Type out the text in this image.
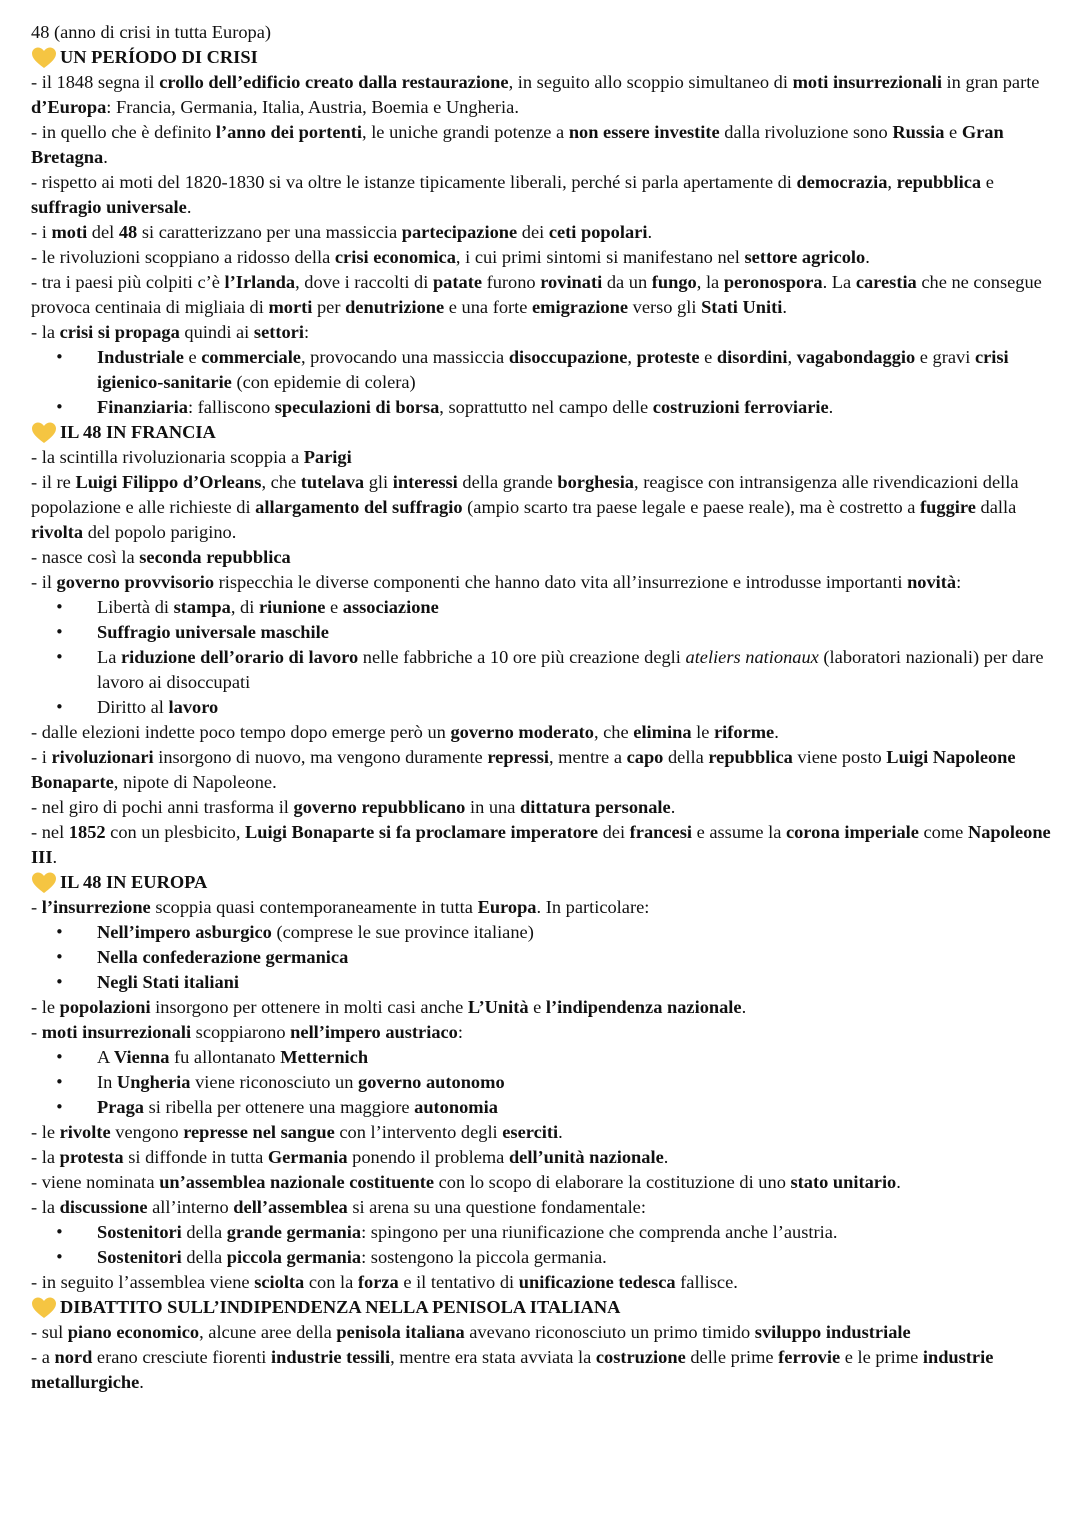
48 (anno di crisi in tutta Europa)

UN PERÍODO DI CRISI

- il 1848 segna il crollo dell’edificio creato dalla restaurazione, in seguito allo scoppio simultaneo di moti insurrezionali in gran parte d’Europa: Francia, Germania, Italia, Austria, Boemia e Ungheria.

- in quello che è definito l’anno dei portenti, le uniche grandi potenze a non essere investite dalla rivoluzione sono Russia e Gran Bretagna.

- rispetto ai moti del 1820-1830 si va oltre le istanze tipicamente liberali, perché si parla apertamente di democrazia, repubblica e suffragio universale.

- i moti del 48 si caratterizzano per una massiccia partecipazione dei ceti popolari.

- le rivoluzioni scoppiano a ridosso della crisi economica, i cui primi sintomi si manifestano nel settore agricolo.

- tra i paesi più colpiti c’è l’Irlanda, dove i raccolti di patate furono rovinati da un fungo, la peronospora. La carestia che ne consegue provoca centinaia di migliaia di morti per denutrizione e una forte emigrazione verso gli Stati Uniti.

- la crisi si propaga quindi ai settori:

• Industriale e commerciale, provocando una massiccia disoccupazione, proteste e disordini, vagabondaggio e gravi crisi igienico-sanitarie (con epidemie di colera)
• Finanziaria: falliscono speculazioni di borsa, soprattutto nel campo delle costruzioni ferroviarie.
IL 48 IN FRANCIA

- la scintilla rivoluzionaria scoppia a Parigi

- il re Luigi Filippo d’Orleans, che tutelava gli interessi della grande borghesia, reagisce con intransigenza alle rivendicazioni della popolazione e alle richieste di allargamento del suffragio (ampio scarto tra paese legale e paese reale), ma è costretto a fuggire dalla rivolta del popolo parigino.

- nasce così la seconda repubblica

- il governo provvisorio rispecchia le diverse componenti che hanno dato vita all’insurrezione e introdusse importanti novità:

• Libertà di stampa, di riunione e associazione
• Suffragio universale maschile
• La riduzione dell’orario di lavoro nelle fabbriche a 10 ore più creazione degli ateliers nationaux (laboratori nazionali) per dare lavoro ai disoccupati
• Diritto al lavoro

- dalle elezioni indette poco tempo dopo emerge però un governo moderato, che elimina le riforme.

- i rivoluzionari insorgono di nuovo, ma vengono duramente repressi, mentre a capo della repubblica viene posto Luigi Napoleone Bonaparte, nipote di Napoleone.

- nel giro di pochi anni trasforma il governo repubblicano in una dittatura personale.

- nel 1852 con un plesbicito, Luigi Bonaparte si fa proclamare imperatore dei francesi e assume la corona imperiale come Napoleone III.

IL 48 IN EUROPA

- l’insurrezione scoppia quasi contemporaneamente in tutta Europa. In particolare:

• Nell’impero asburgico (comprese le sue province italiane)
• Nella confederazione germanica
• Negli Stati italiani

- le popolazioni insorgono per ottenere in molti casi anche L’Unità e l’indipendenza nazionale.

- moti insurrezionali scoppiarono nell’impero austriaco:

• A Vienna fu allontanato Metternich
• In Ungheria viene riconosciuto un governo autonomo
• Praga si ribella per ottenere una maggiore autonomia

- le rivolte vengono represse nel sangue con l’intervento degli eserciti.

- la protesta si diffonde in tutta Germania ponendo il problema dell’unità nazionale.

- viene nominata un’assemblea nazionale costituente con lo scopo di elaborare la costituzione di uno stato unitario.

- la discussione all’interno dell’assemblea si arena su una questione fondamentale:

• Sostenitori della grande germania: spingono per una riunificazione che comprenda anche l’austria.
• Sostenitori della piccola germania: sostengono la piccola germania.

- in seguito l’assemblea viene sciolta con la forza e il tentativo di unificazione tedesca fallisce.

DIBATTITO SULL’INDIPENDENZA NELLA PENISOLA ITALIANA

- sul piano economico, alcune aree della penisola italiana avevano riconosciuto un primo timido sviluppo industriale

- a nord erano cresciute fiorenti industrie tessili, mentre era stata avviata la costruzione delle prime ferrovie e le prime industrie metallurgiche.
